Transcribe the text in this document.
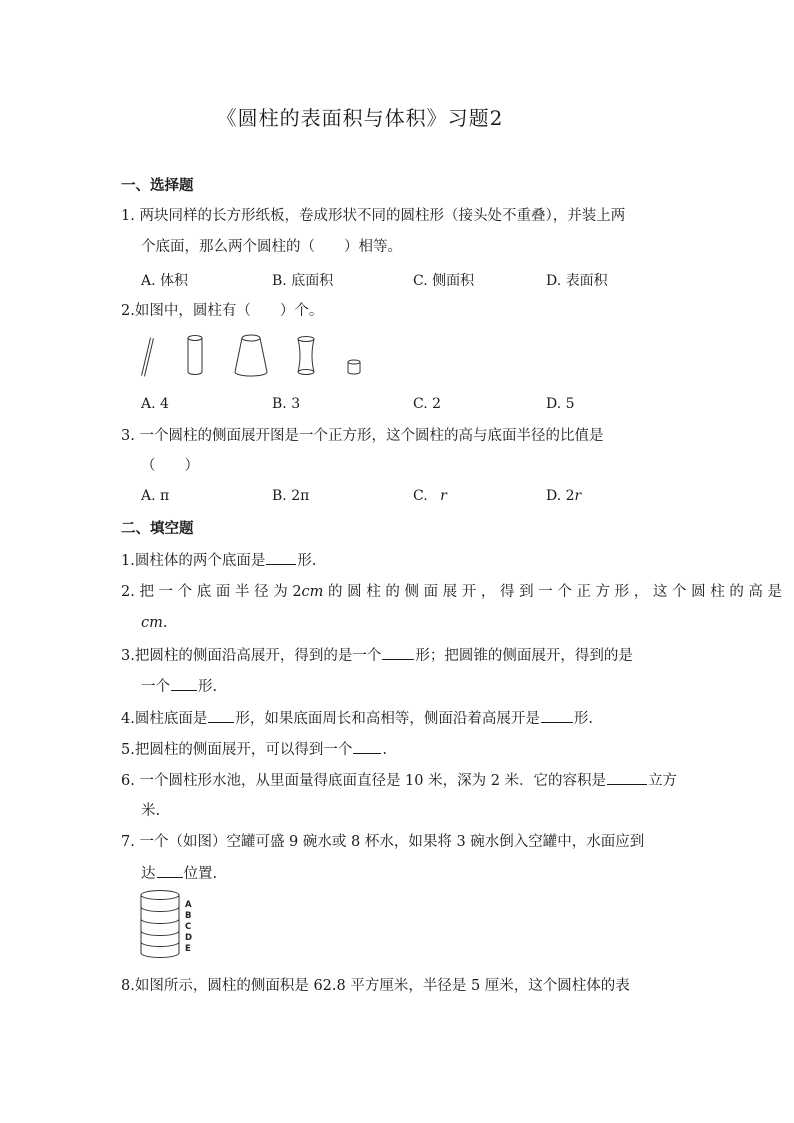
《圆柱的表面积与体积》习题2
一、选择题
1. 两块同样的长方形纸板，卷成形状不同的圆柱形（接头处不重叠），并装上两
个底面，那么两个圆柱的（　　）相等。
A. 体积	B. 底面积	C. 侧面积	D. 表面积
2.如图中，圆柱有（　　）个。
A. 4	B. 3	C. 2	D. 5
3. 一个圆柱的侧面展开图是一个正方形，这个圆柱的高与底面半径的比值是
（　　）
A. π	B. 2π	C. r	D. 2r
二、填空题
1.圆柱体的两个底面是 形.
2. 把 一 个 底 面 半 径 为 2cm 的 圆 柱 的 侧 面 展 开 ， 得 到 一 个 正 方 形 ， 这 个 圆 柱 的 高 是
cm.
3.把圆柱的侧面沿高展开，得到的是一个 形；把圆锥的侧面展开，得到的是
一个 形.
4.圆柱底面是 形，如果底面周长和高相等，侧面沿着高展开是 形.
5.把圆柱的侧面展开，可以得到一个 .
6. 一个圆柱形水池，从里面量得底面直径是 10 米，深为 2 米．它的容积是	立方
米.
7. 一个（如图）空罐可盛 9 碗水或 8 杯水，如果将 3 碗水倒入空罐中，水面应到
达 位置.
A
B
C
D
E
8.如图所示，圆柱的侧面积是 62.8 平方厘米，半径是 5 厘米，这个圆柱体的表
